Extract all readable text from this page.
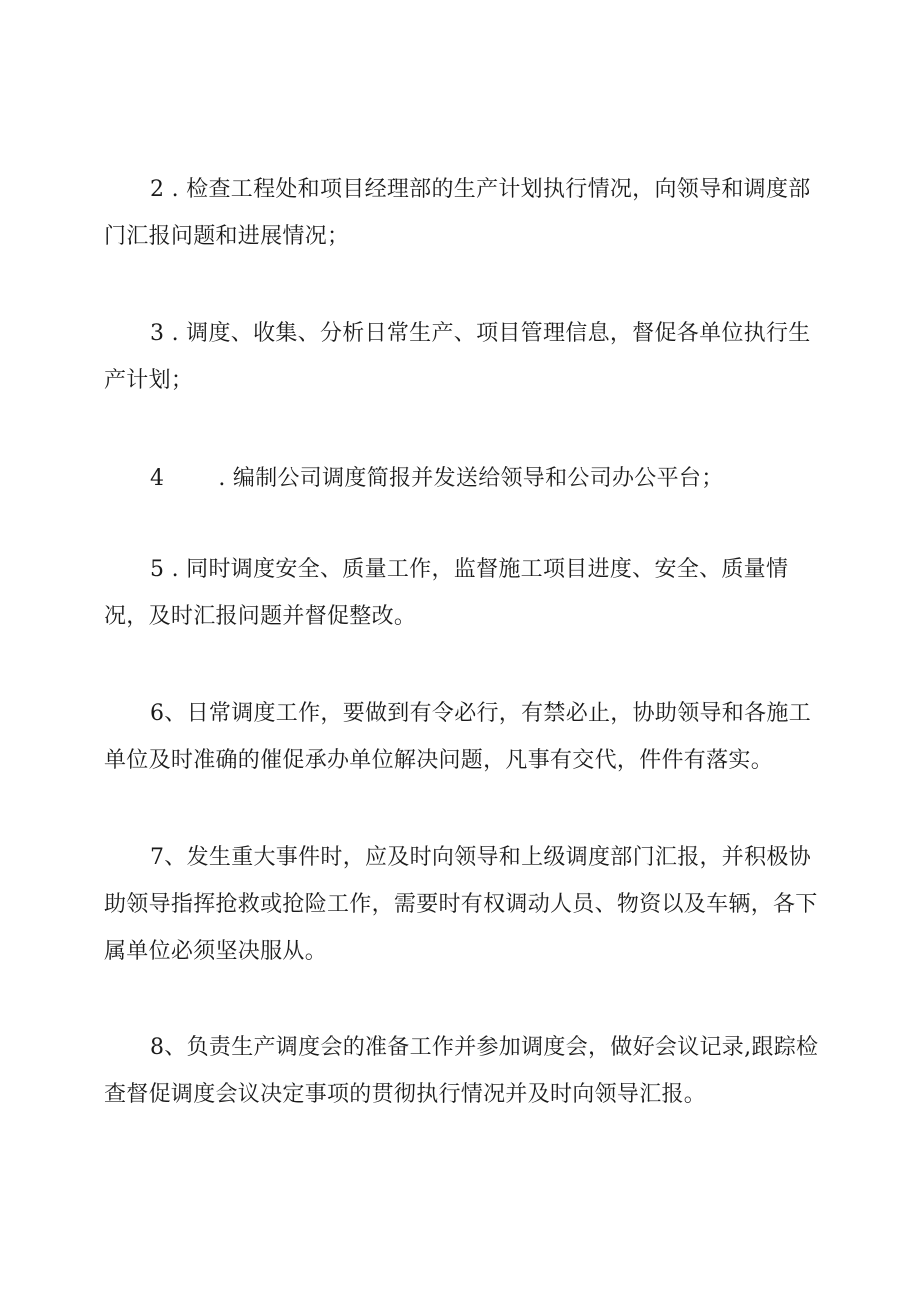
2 . 检查工程处和项目经理部的生产计划执行情况，向领导和调度部门汇报问题和进展情况；

3 . 调度、收集、分析日常生产、项目管理信息，督促各单位执行生产计划；

4 . 编制公司调度简报并发送给领导和公司办公平台；

5 . 同时调度安全、质量工作，监督施工项目进度、安全、质量情况，及时汇报问题并督促整改。

6、日常调度工作，要做到有令必行，有禁必止，协助领导和各施工单位及时准确的催促承办单位解决问题，凡事有交代，件件有落实。

7、发生重大事件时，应及时向领导和上级调度部门汇报，并积极协助领导指挥抢救或抢险工作，需要时有权调动人员、物资以及车辆，各下属单位必须坚决服从。

8、负责生产调度会的准备工作并参加调度会，做好会议记录,跟踪检查督促调度会议决定事项的贯彻执行情况并及时向领导汇报。
